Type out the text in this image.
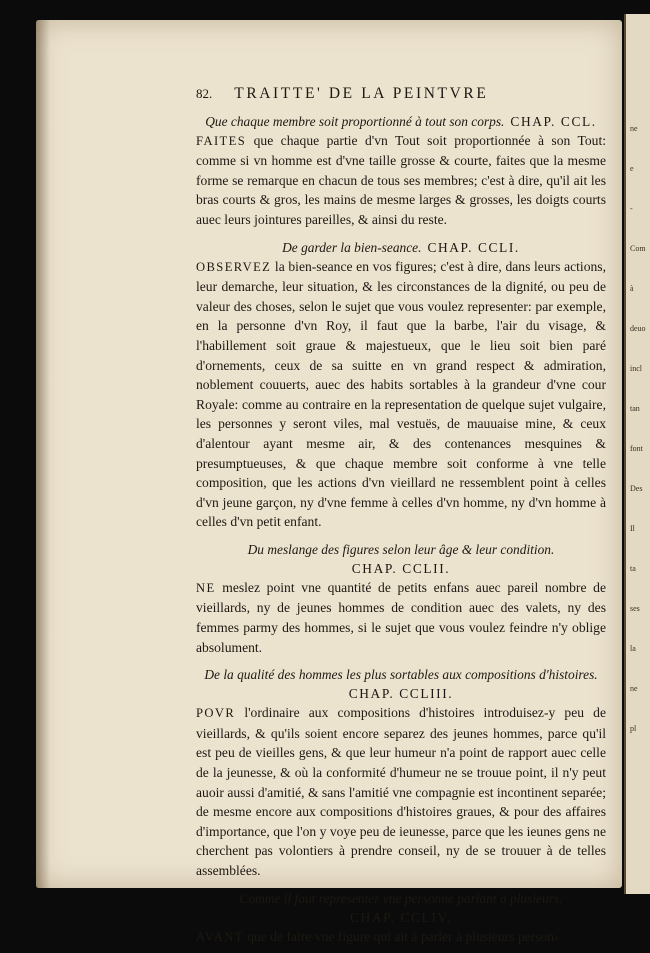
82. TRAITTE' DE LA PEINTVRE
Que chaque membre soit proportionné à tout son corps. CHAP. CCL.

FAITES que chaque partie d'vn Tout soit proportionnée à son Tout: comme si vn homme est d'vne taille grosse & courte, faites que la mesme forme se remarque en chacun de tous ses membres; c'est à dire, qu'il ait les bras courts & gros, les mains de mesme larges & grosses, les doigts courts auec leurs jointures pareilles, & ainsi du reste.

De garder la bien-seance. CHAP. CCLI.

OBSERVEZ la bien-seance en vos figures; c'est à dire, dans leurs actions, leur demarche, leur situation, & les circonstances de la dignité, ou peu de valeur des choses, selon le sujet que vous voulez representer: par exemple, en la personne d'vn Roy, il faut que la barbe, l'air du visage, & l'habillement soit graue & majestueux, que le lieu soit bien paré d'ornements, ceux de sa suitte en vn grand respect & admiration, noblement couuerts, auec des habits sortables à la grandeur d'vne cour Royale: comme au contraire en la representation de quelque sujet vulgaire, les personnes y seront viles, mal vestuës, de mauuaise mine, & ceux d'alentour ayant mesme air, & des contenances mesquines & presumptueuses, & que chaque membre soit conforme à vne telle composition, que les actions d'vn vieillard ne ressemblent point à celles d'vn jeune garçon, ny d'vne femme à celles d'vn homme, ny d'vn homme à celles d'vn petit enfant.

Du meslange des figures selon leur âge & leur condition.
CHAP. CCLII.

NE meslez point vne quantité de petits enfans auec pareil nombre de vieillards, ny de jeunes hommes de condition auec des valets, ny des femmes parmy des hommes, si le sujet que vous voulez feindre n'y oblige absolument.

De la qualité des hommes les plus sortables aux compositions d'histoires.
CHAP. CCLIII.

POVR l'ordinaire aux compositions d'histoires introduisez-y peu de vieillards, & qu'ils soient encore separez des jeunes hommes, parce qu'il est peu de vieilles gens, & que leur humeur n'a point de rapport auec celle de la jeunesse, & où la conformité d'humeur ne se trouue point, il n'y peut auoir aussi d'amitié, & sans l'amitié vne compagnie est incontinent separée; de mesme encore aux compositions d'histoires graues, & pour des affaires d'importance, que l'on y voye peu de ieunesse, parce que les ieunes gens ne cherchent pas volontiers à prendre conseil, ny de se trouuer à de telles assemblées.

Comme il faut representer vne personne parlant à plusieurs.
CHAP. CCLIV.

AVANT que de faire vne figure qui ait à parler à plusieurs person-

ne
e
-
Com
à
deuo
incl
tan
font
Des
Il
ta
ses
la
ne
pl
